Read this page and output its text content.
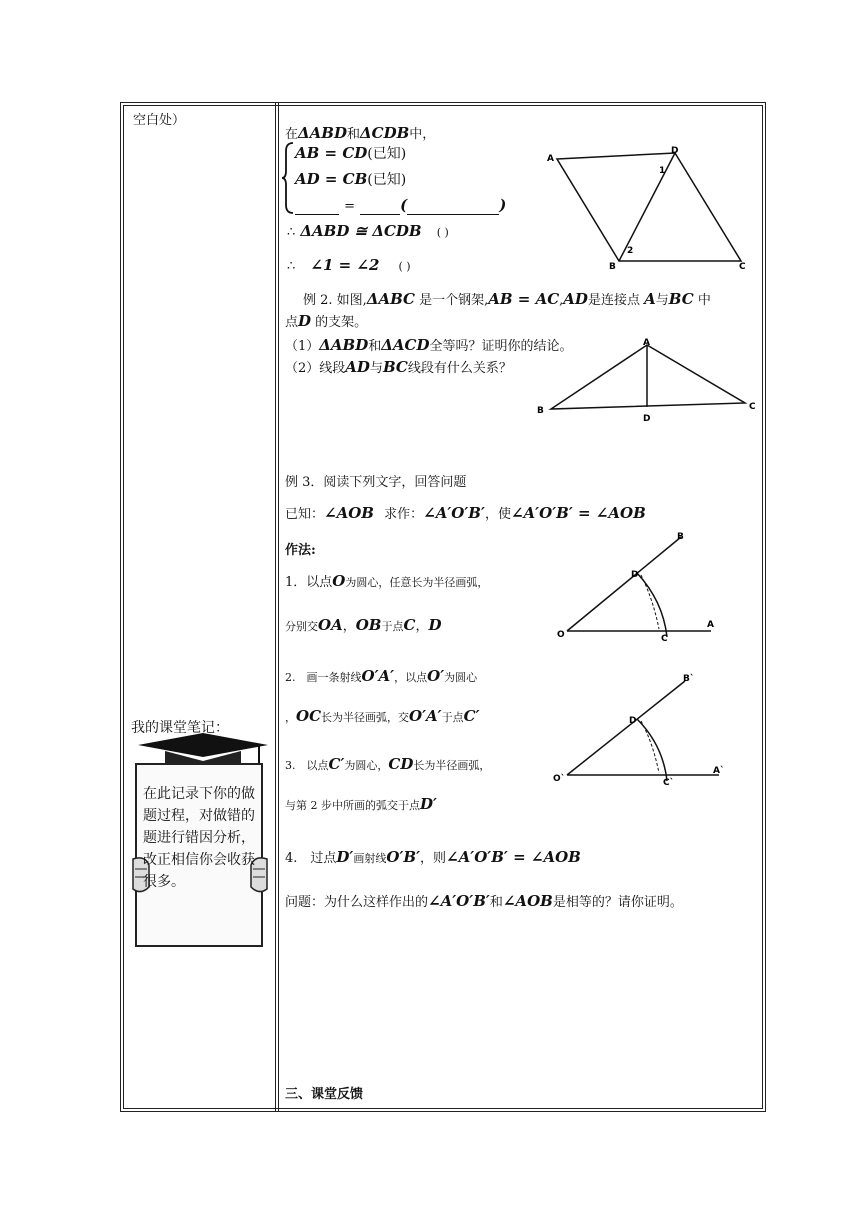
空白处）
我的课堂笔记：
在此记录下你的做题过程，对做错的题进行错因分析，改正相信你会收获很多。
在ΔABD和ΔCDB中，
AB = CD(已知)
AD = CB(已知)
=	(	)
∴ ΔABD ≅ ΔCDB ( )
∴ ∠1 = ∠2 ( )
A
D
B	C
1
2
例 2. 如图,ΔABC 是一个钢架,AB = AC,AD是连接点 A与BC 中
点D 的支架。
（1）ΔABD和ΔACD全等吗？证明你的结论。
（2）线段AD与BC线段有什么关系？
A
B	C
D
例 3．阅读下列文字，回答问题
已知：∠AOB 求作：∠A′O′B′，使∠A′O′B′ = ∠AOB
作法:
1．以点O为圆心，任意长为半径画弧，
分别交OA，OB于点C，D
B
D
O	C
A
2.　画一条射线O′A′，以点O′为圆心
，OC长为半径画弧，交O′A′于点C′
3.　以点C′为圆心，CD长为半径画弧，
与第 2 步中所画的弧交于点D′
B`
D
O`	C`
A`
4.　过点D′画射线O′B′，则∠A′O′B′ = ∠AOB
问题：为什么这样作出的∠A′O′B′和∠AOB是相等的？请你证明。
三、课堂反馈
